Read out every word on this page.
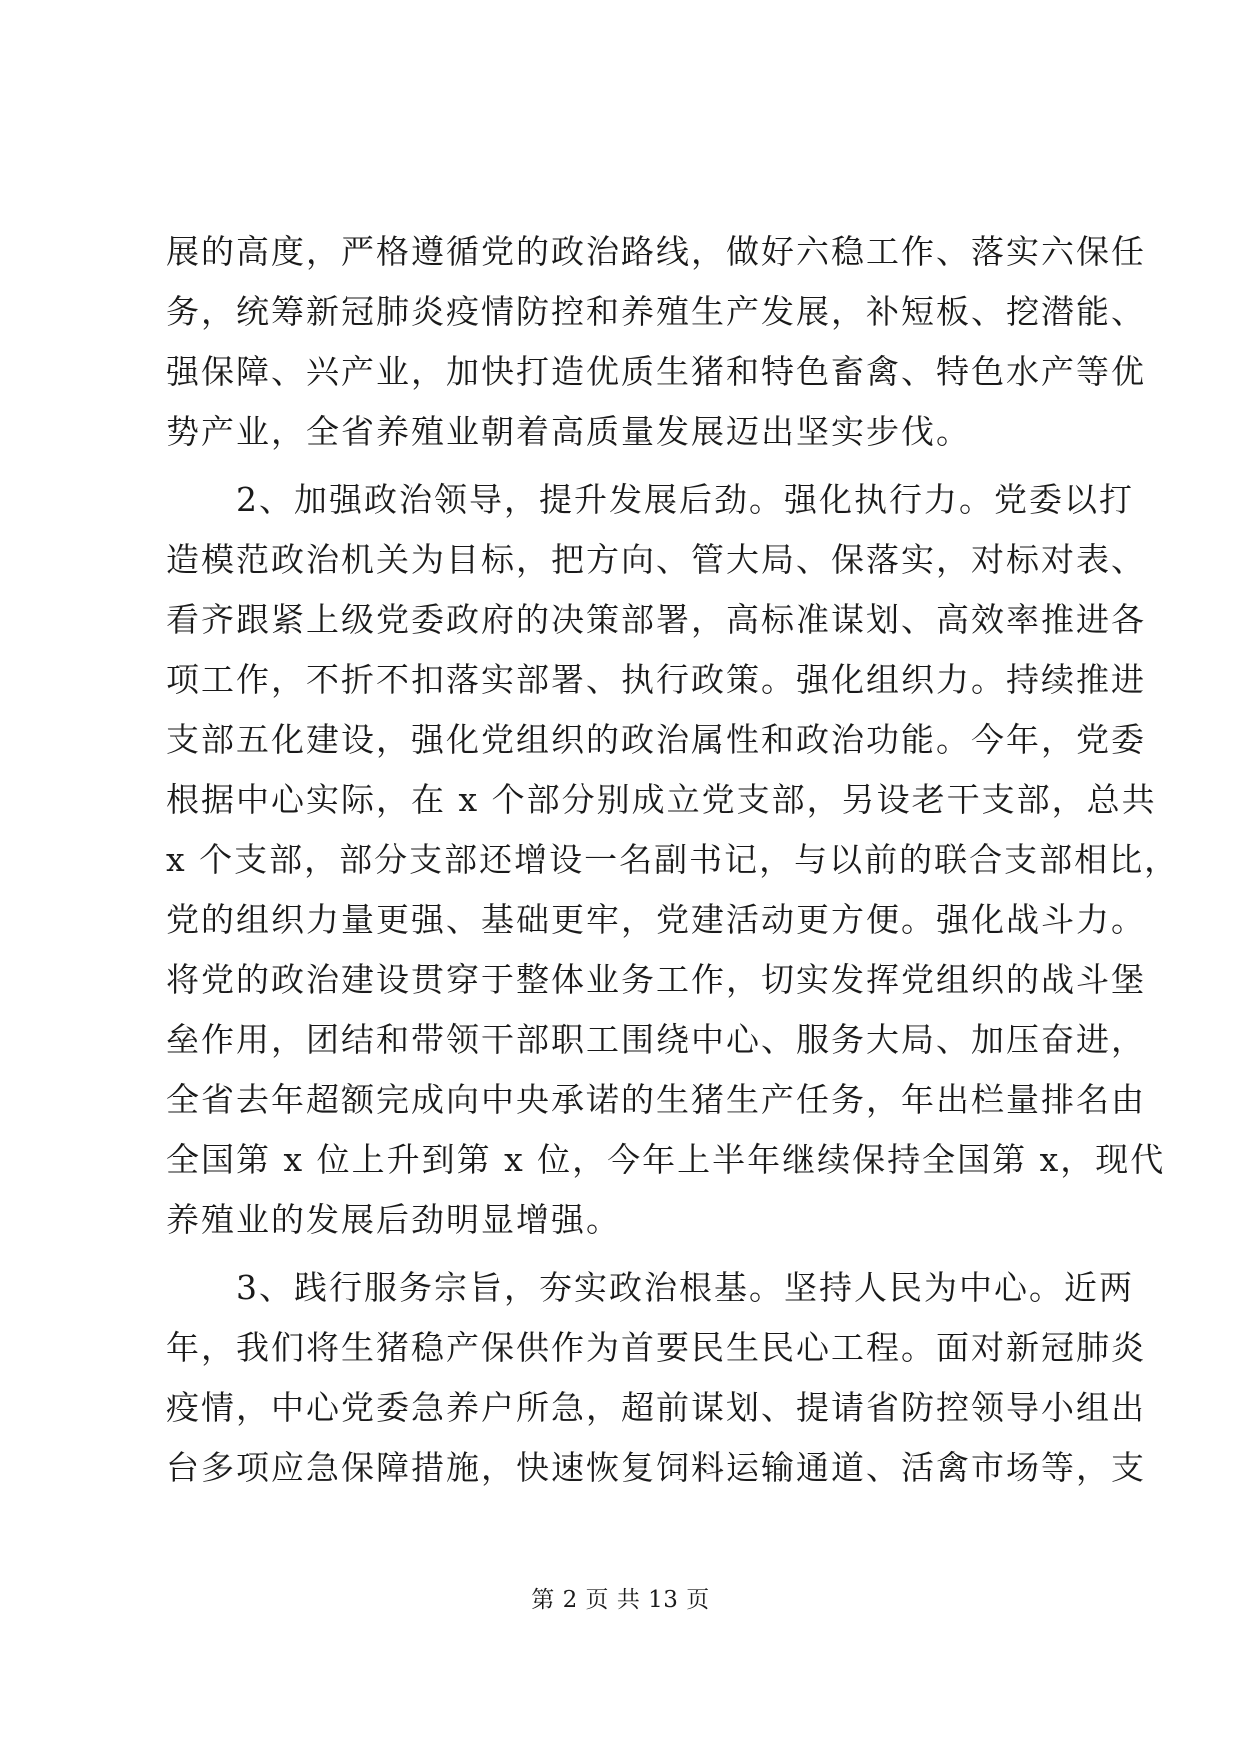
展的高度，严格遵循党的政治路线，做好六稳工作、落实六保任
务，统筹新冠肺炎疫情防控和养殖生产发展，补短板、挖潜能、
强保障、兴产业，加快打造优质生猪和特色畜禽、特色水产等优
势产业，全省养殖业朝着高质量发展迈出坚实步伐。
　　2、加强政治领导，提升发展后劲。强化执行力。党委以打
造模范政治机关为目标，把方向、管大局、保落实，对标对表、
看齐跟紧上级党委政府的决策部署，高标准谋划、高效率推进各
项工作，不折不扣落实部署、执行政策。强化组织力。持续推进
支部五化建设，强化党组织的政治属性和政治功能。今年，党委
根据中心实际，在 x 个部分别成立党支部，另设老干支部，总共
x 个支部，部分支部还增设一名副书记，与以前的联合支部相比，
党的组织力量更强、基础更牢，党建活动更方便。强化战斗力。
将党的政治建设贯穿于整体业务工作，切实发挥党组织的战斗堡
垒作用，团结和带领干部职工围绕中心、服务大局、加压奋进，
全省去年超额完成向中央承诺的生猪生产任务，年出栏量排名由
全国第 x 位上升到第 x 位，今年上半年继续保持全国第 x，现代
养殖业的发展后劲明显增强。
　　3、践行服务宗旨，夯实政治根基。坚持人民为中心。近两
年，我们将生猪稳产保供作为首要民生民心工程。面对新冠肺炎
疫情，中心党委急养户所急，超前谋划、提请省防控领导小组出
台多项应急保障措施，快速恢复饲料运输通道、活禽市场等，支
第 2 页 共 13 页
